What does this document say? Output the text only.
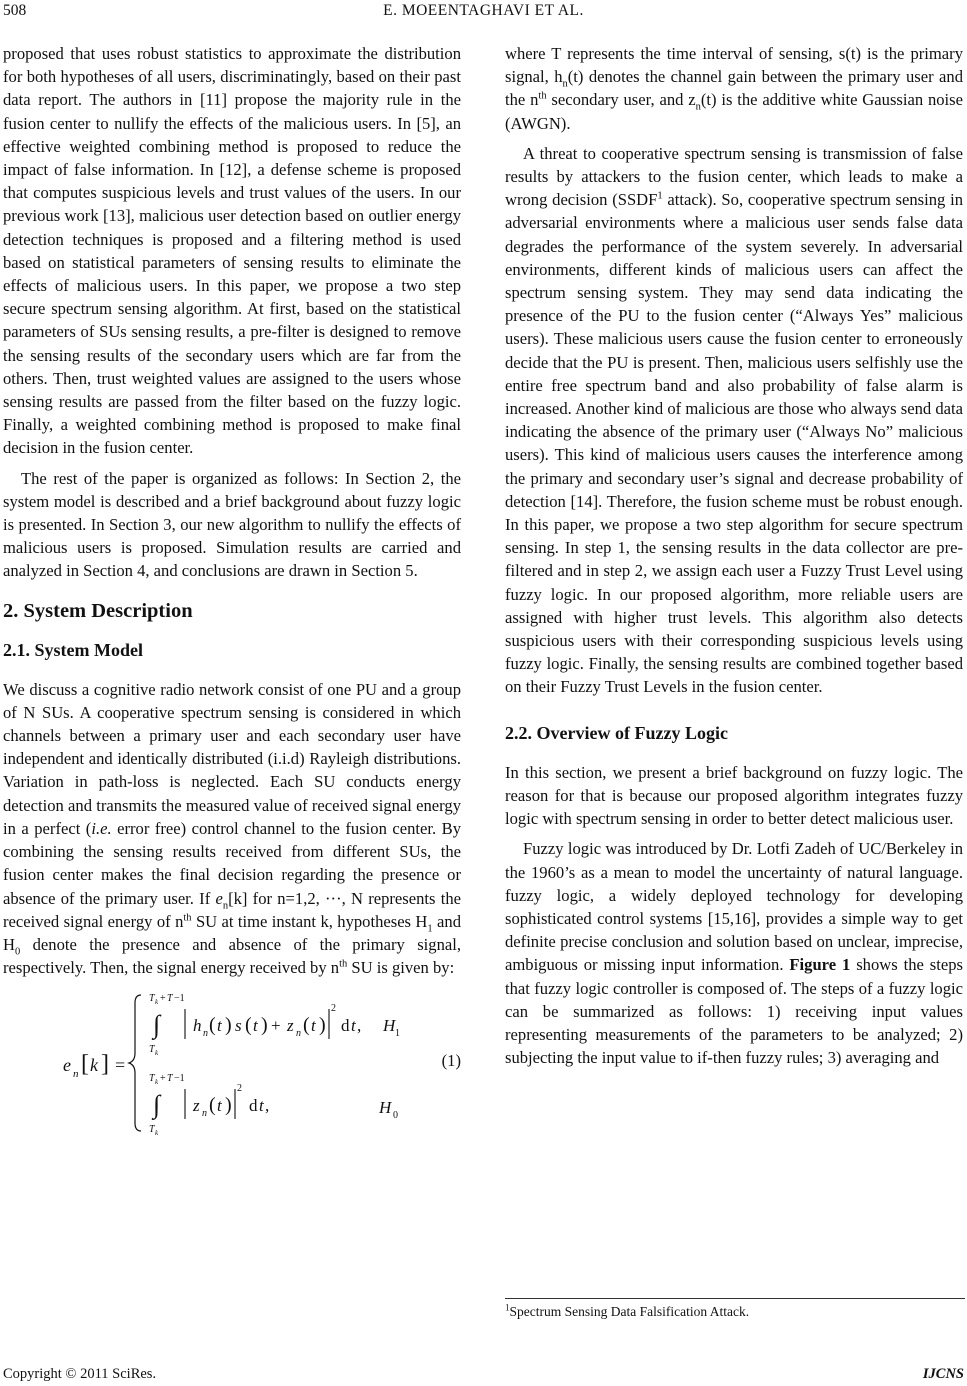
508	E. MOEENTAGHAVI ET AL.

proposed that uses robust statistics to approximate the distribution for both hypotheses of all users, discriminatingly, based on their past data report. The authors in [11] propose the majority rule in the fusion center to nullify the effects of the malicious users. In [5], an effective weighted combining method is proposed to reduce the impact of false information. In [12], a defense scheme is proposed that computes suspicious levels and trust values of the users. In our previous work [13], malicious user detection based on outlier energy detection techniques is proposed and a filtering method is used based on statistical parameters of sensing results to eliminate the effects of malicious users. In this paper, we propose a two step secure spectrum sensing algorithm. At first, based on the statistical parameters of SUs sensing results, a pre-filter is designed to remove the sensing results of the secondary users which are far from the others. Then, trust weighted values are assigned to the users whose sensing results are passed from the filter based on the fuzzy logic. Finally, a weighted combining method is proposed to make final decision in the fusion center.

The rest of the paper is organized as follows: In Section 2, the system model is described and a brief background about fuzzy logic is presented. In Section 3, our new algorithm to nullify the effects of malicious users is proposed. Simulation results are carried and analyzed in Section 4, and conclusions are drawn in Section 5.

2. System Description
2.1. System Model

We discuss a cognitive radio network consist of one PU and a group of N SUs. A cooperative spectrum sensing is considered in which channels between a primary user and each secondary user have independent and identically distributed (i.i.d) Rayleigh distributions. Variation in path-loss is neglected. Each SU conducts energy detection and transmits the measured value of received signal energy in a perfect (i.e. error free) control channel to the fusion center. By combining the sensing results received from different SUs, the fusion center makes the final decision regarding the presence or absence of the primary user. If $e_n[k]$ for n=1,2, ···, N represents the received signal energy of $n^{th}$ SU at time instant k, hypotheses $H_1$ and $H_0$ denote the presence and absence of the primary signal, respectively. Then, the signal energy received by $n^{th}$ SU is given by:

e n [ k ] =
T k + T −1
∫
T k
h n ( t ) s ( t ) + z n ( t )
2
d t , H 1
T k + T −1
∫
T k
z n ( t )
2
d t ,	H 0
(1)

where T represents the time interval of sensing, s(t) is the primary signal, $h_n(t)$ denotes the channel gain between the primary user and the $n^{th}$ secondary user, and $z_n(t)$ is the additive white Gaussian noise (AWGN).

A threat to cooperative spectrum sensing is transmission of false results by attackers to the fusion center, which leads to make a wrong decision (SSDF$^1$ attack). So, cooperative spectrum sensing in adversarial environments where a malicious user sends false data degrades the performance of the system severely. In adversarial environments, different kinds of malicious users can affect the spectrum sensing system. They may send data indicating the presence of the PU to the fusion center (“Always Yes” malicious users). These malicious users cause the fusion center to erroneously decide that the PU is present. Then, malicious users selfishly use the entire free spectrum band and also probability of false alarm is increased. Another kind of malicious are those who always send data indicating the absence of the primary user (“Always No” malicious users). This kind of malicious users causes the interference among the primary and secondary user’s signal and decrease probability of detection [14]. Therefore, the fusion scheme must be robust enough. In this paper, we propose a two step algorithm for secure spectrum sensing. In step 1, the sensing results in the data collector are pre-filtered and in step 2, we assign each user a Fuzzy Trust Level using fuzzy logic. In our proposed algorithm, more reliable users are assigned with higher trust levels. This algorithm also detects suspicious users with their corresponding suspicious levels using fuzzy logic. Finally, the sensing results are combined together based on their Fuzzy Trust Levels in the fusion center.

2.2. Overview of Fuzzy Logic

In this section, we present a brief background on fuzzy logic. The reason for that is because our proposed algorithm integrates fuzzy logic with spectrum sensing in order to better detect malicious user.

Fuzzy logic was introduced by Dr. Lotfi Zadeh of UC/Berkeley in the 1960’s as a mean to model the uncertainty of natural language. fuzzy logic, a widely deployed technology for developing sophisticated control systems [15,16], provides a simple way to get definite precise conclusion and solution based on unclear, imprecise, ambiguous or missing input information. Figure 1 shows the steps that fuzzy logic controller is composed of. The steps of a fuzzy logic can be summarized as follows: 1) receiving input values representing measurements of the parameters to be analyzed; 2) subjecting the input value to if-then fuzzy rules; 3) averaging and

$^1$Spectrum Sensing Data Falsification Attack.
Copyright © 2011 SciRes.	IJCNS
